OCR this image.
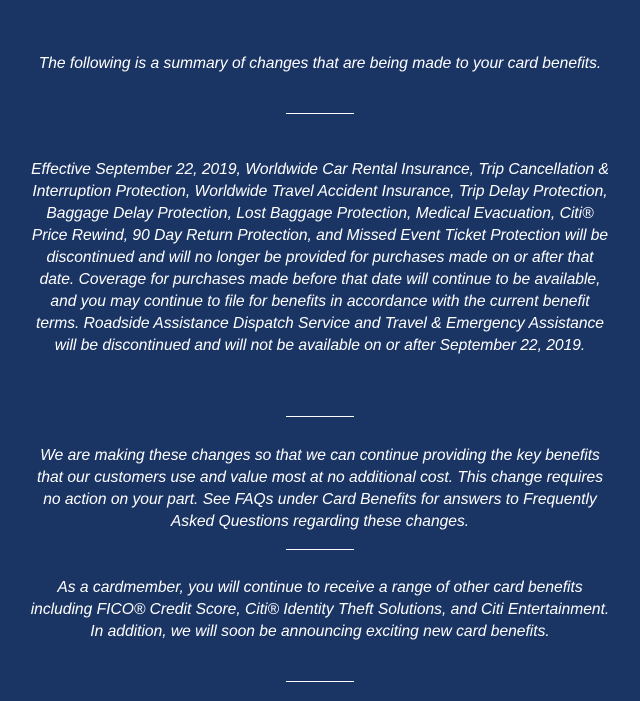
The following is a summary of changes that are being made to your card benefits.

Effective September 22, 2019, Worldwide Car Rental Insurance, Trip Cancellation & Interruption Protection, Worldwide Travel Accident Insurance, Trip Delay Protection, Baggage Delay Protection, Lost Baggage Protection, Medical Evacuation, Citi® Price Rewind, 90 Day Return Protection, and Missed Event Ticket Protection will be discontinued and will no longer be provided for purchases made on or after that date. Coverage for purchases made before that date will continue to be available, and you may continue to file for benefits in accordance with the current benefit terms. Roadside Assistance Dispatch Service and Travel & Emergency Assistance will be discontinued and will not be available on or after September 22, 2019.

We are making these changes so that we can continue providing the key benefits that our customers use and value most at no additional cost. This change requires no action on your part. See FAQs under Card Benefits for answers to Frequently Asked Questions regarding these changes.

As a cardmember, you will continue to receive a range of other card benefits including FICO® Credit Score, Citi® Identity Theft Solutions, and Citi Entertainment. In addition, we will soon be announcing exciting new card benefits.
